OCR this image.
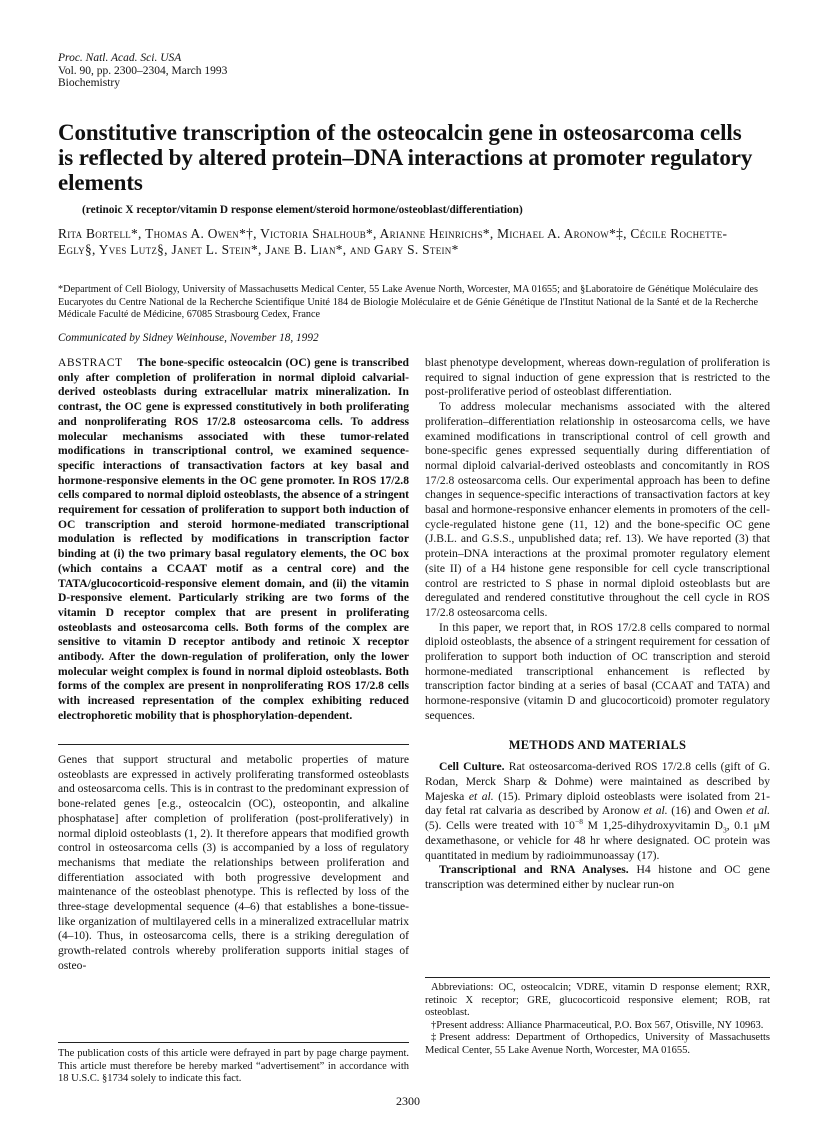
Proc. Natl. Acad. Sci. USA
Vol. 90, pp. 2300–2304, March 1993
Biochemistry
Constitutive transcription of the osteocalcin gene in osteosarcoma cells is reflected by altered protein–DNA interactions at promoter regulatory elements
(retinoic X receptor/vitamin D response element/steroid hormone/osteoblast/differentiation)
Rita Bortell*, Thomas A. Owen*†, Victoria Shalhoub*, Arianne Heinrichs*, Michael A. Aronow*‡, Cécile Rochette-Egly§, Yves Lutz§, Janet L. Stein*, Jane B. Lian*, and Gary S. Stein*
*Department of Cell Biology, University of Massachusetts Medical Center, 55 Lake Avenue North, Worcester, MA 01655; and §Laboratoire de Génétique Moléculaire des Eucaryotes du Centre National de la Recherche Scientifique Unité 184 de Biologie Moléculaire et de Génie Génétique de l'Institut National de la Santé et de la Recherche Médicale Faculté de Médicine, 67085 Strasbourg Cedex, France
Communicated by Sidney Weinhouse, November 18, 1992
ABSTRACT The bone-specific osteocalcin (OC) gene is transcribed only after completion of proliferation in normal diploid calvarial-derived osteoblasts during extracellular matrix mineralization. In contrast, the OC gene is expressed constitutively in both proliferating and nonproliferating ROS 17/2.8 osteosarcoma cells. To address molecular mechanisms associated with these tumor-related modifications in transcriptional control, we examined sequence-specific interactions of transactivation factors at key basal and hormone-responsive elements in the OC gene promoter. In ROS 17/2.8 cells compared to normal diploid osteoblasts, the absence of a stringent requirement for cessation of proliferation to support both induction of OC transcription and steroid hormone-mediated transcriptional modulation is reflected by modifications in transcription factor binding at (i) the two primary basal regulatory elements, the OC box (which contains a CCAAT motif as a central core) and the TATA/glucocorticoid-responsive element domain, and (ii) the vitamin D-responsive element. Particularly striking are two forms of the vitamin D receptor complex that are present in proliferating osteoblasts and osteosarcoma cells. Both forms of the complex are sensitive to vitamin D receptor antibody and retinoic X receptor antibody. After the down-regulation of proliferation, only the lower molecular weight complex is found in normal diploid osteoblasts. Both forms of the complex are present in nonproliferating ROS 17/2.8 cells with increased representation of the complex exhibiting reduced electrophoretic mobility that is phosphorylation-dependent.

Genes that support structural and metabolic properties of mature osteoblasts are expressed in actively proliferating transformed osteoblasts and osteosarcoma cells. This is in contrast to the predominant expression of bone-related genes [e.g., osteocalcin (OC), osteopontin, and alkaline phosphatase] after completion of proliferation (post-proliferatively) in normal diploid osteoblasts (1, 2). It therefore appears that modified growth control in osteosarcoma cells (3) is accompanied by a loss of regulatory mechanisms that mediate the relationships between proliferation and differentiation associated with both progressive development and maintenance of the osteoblast phenotype. This is reflected by loss of the three-stage developmental sequence (4–6) that establishes a bone-tissue-like organization of multilayered cells in a mineralized extracellular matrix (4–10). Thus, in osteosarcoma cells, there is a striking deregulation of growth-related controls whereby proliferation supports initial stages of osteo-

The publication costs of this article were defrayed in part by page charge payment. This article must therefore be hereby marked “advertisement” in accordance with 18 U.S.C. §1734 solely to indicate this fact.

blast phenotype development, whereas down-regulation of proliferation is required to signal induction of gene expression that is restricted to the post-proliferative period of osteoblast differentiation.

To address molecular mechanisms associated with the altered proliferation–differentiation relationship in osteosarcoma cells, we have examined modifications in transcriptional control of cell growth and bone-specific genes expressed sequentially during differentiation of normal diploid calvarial-derived osteoblasts and concomitantly in ROS 17/2.8 osteosarcoma cells. Our experimental approach has been to define changes in sequence-specific interactions of transactivation factors at key basal and hormone-responsive enhancer elements in promoters of the cell-cycle-regulated histone gene (11, 12) and the bone-specific OC gene (J.B.L. and G.S.S., unpublished data; ref. 13). We have reported (3) that protein–DNA interactions at the proximal promoter regulatory element (site II) of a H4 histone gene responsible for cell cycle transcriptional control are restricted to S phase in normal diploid osteoblasts but are deregulated and rendered constitutive throughout the cell cycle in ROS 17/2.8 osteosarcoma cells.

In this paper, we report that, in ROS 17/2.8 cells compared to normal diploid osteoblasts, the absence of a stringent requirement for cessation of proliferation to support both induction of OC transcription and steroid hormone-mediated transcriptional enhancement is reflected by transcription factor binding at a series of basal (CCAAT and TATA) and hormone-responsive (vitamin D and glucocorticoid) promoter regulatory sequences.

METHODS AND MATERIALS

Cell Culture. Rat osteosarcoma-derived ROS 17/2.8 cells (gift of G. Rodan, Merck Sharp & Dohme) were maintained as described by Majeska et al. (15). Primary diploid osteoblasts were isolated from 21-day fetal rat calvaria as described by Aronow et al. (16) and Owen et al. (5). Cells were treated with $10^{-8}$ M 1,25-dihydroxyvitamin $D_3$, 0.1 μM dexamethasone, or vehicle for 48 hr where designated. OC protein was quantitated in medium by radioimmunoassay (17).

Transcriptional and RNA Analyses. H4 histone and OC gene transcription was determined either by nuclear run-on

Abbreviations: OC, osteocalcin; VDRE, vitamin D response element; RXR, retinoic X receptor; GRE, glucocorticoid responsive element; ROB, rat osteoblast.

†Present address: Alliance Pharmaceutical, P.O. Box 567, Otisville, NY 10963.

‡Present address: Department of Orthopedics, University of Massachusetts Medical Center, 55 Lake Avenue North, Worcester, MA 01655.

2300
